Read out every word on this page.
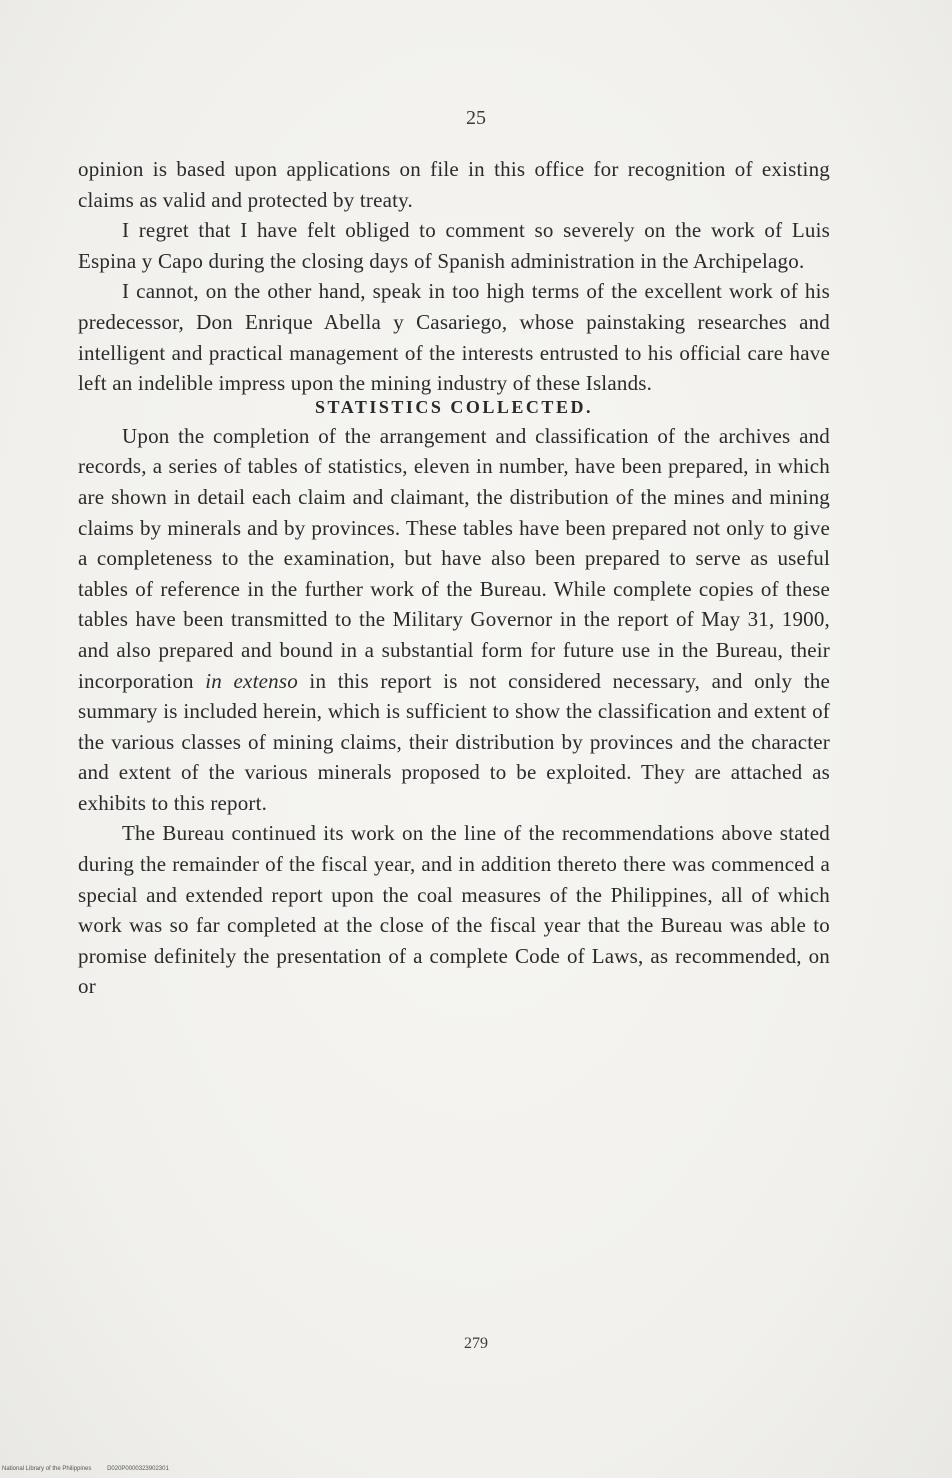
25

opinion is based upon applications on file in this office for recognition of existing claims as valid and protected by treaty.

I regret that I have felt obliged to comment so severely on the work of Luis Espina y Capo during the closing days of Spanish administration in the Archipelago.

I cannot, on the other hand, speak in too high terms of the excellent work of his predecessor, Don Enrique Abella y Casariego, whose painstaking researches and intelligent and practical management of the interests entrusted to his official care have left an indelible impress upon the mining industry of these Islands.

STATISTICS COLLECTED.

Upon the completion of the arrangement and classification of the archives and records, a series of tables of statistics, eleven in number, have been prepared, in which are shown in detail each claim and claimant, the distribution of the mines and mining claims by minerals and by provinces. These tables have been prepared not only to give a completeness to the examination, but have also been prepared to serve as useful tables of reference in the further work of the Bureau. While complete copies of these tables have been transmitted to the Military Governor in the report of May 31, 1900, and also prepared and bound in a substantial form for future use in the Bureau, their incorporation in extenso in this report is not considered necessary, and only the summary is included herein, which is sufficient to show the classification and extent of the various classes of mining claims, their distribution by provinces and the character and extent of the various minerals proposed to be exploited. They are attached as exhibits to this report.

The Bureau continued its work on the line of the recommendations above stated during the remainder of the fiscal year, and in addition thereto there was commenced a special and extended report upon the coal measures of the Philippines, all of which work was so far completed at the close of the fiscal year that the Bureau was able to promise definitely the presentation of a complete Code of Laws, as recommended, on or

279
National Library of the Philippines	D020P0000323902301
